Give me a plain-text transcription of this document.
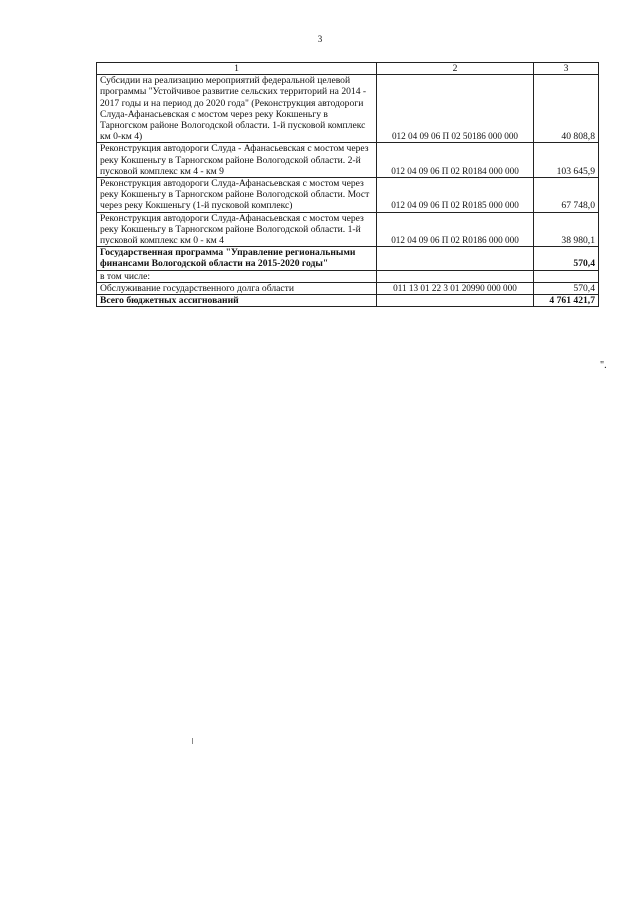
3
1	2	3
Субсидии на реализацию мероприятий федеральной целевой программы "Устойчивое развитие сельских территорий на 2014 - 2017 годы и на период до 2020 года" (Реконструкция автодороги Слуда-Афанасьевская с мостом через реку Кокшеньгу в Тарногском районе Вологодской области. 1-й пусковой комплекс км 0-км 4)	012 04 09 06 П 02 50186 000 000	40 808,8
Реконструкция автодороги Слуда - Афанасьевская с мостом через реку Кокшеньгу в Тарногском районе Вологодской области. 2-й пусковой комплекс км 4 - км 9	012 04 09 06 П 02 R0184 000 000	103 645,9
Реконструкция автодороги Слуда-Афанасьевская с мостом через реку Кокшеньгу в Тарногском районе Вологодской области. Мост через реку Кокшеньгу (1-й пусковой комплекс)	012 04 09 06 П 02 R0185 000 000	67 748,0
Реконструкция автодороги Слуда-Афанасьевская с мостом через реку Кокшеньгу в Тарногском районе Вологодской области. 1-й пусковой комплекс км 0 - км 4	012 04 09 06 П 02 R0186 000 000	38 980,1
Государственная программа "Управление региональными финансами Вологодской области на 2015-2020 годы"		570,4
в том числе:		
Обслуживание государственного долга области	011 13 01 22 3 01 20990 000 000	570,4
Всего бюджетных ассигнований		4 761 421,7
".
